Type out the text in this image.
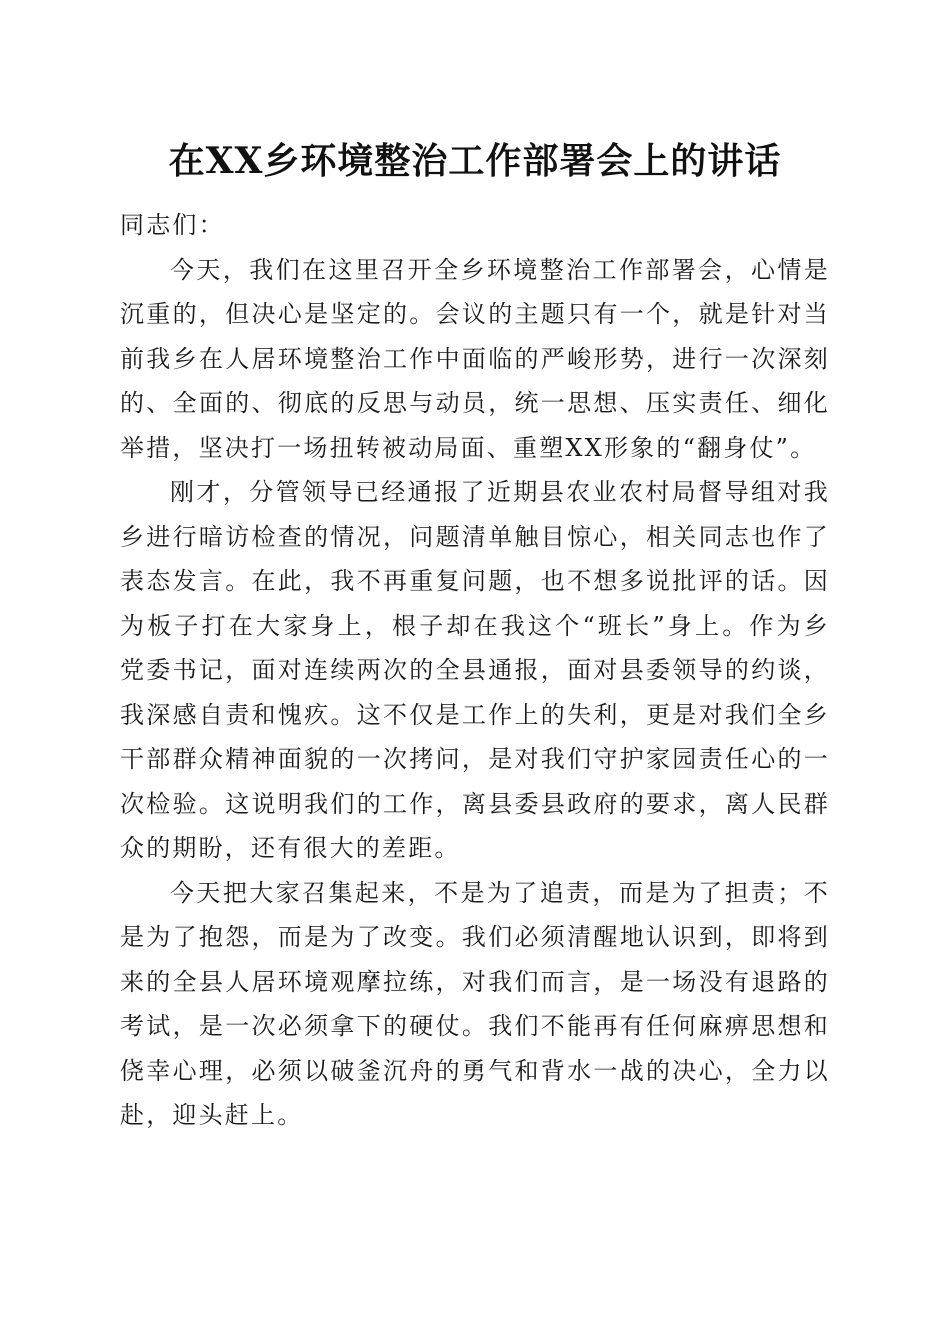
在XX乡环境整治工作部署会上的讲话

同志们：

今天，我们在这里召开全乡环境整治工作部署会，心情是沉重的，但决心是坚定的。会议的主题只有一个，就是针对当前我乡在人居环境整治工作中面临的严峻形势，进行一次深刻的、全面的、彻底的反思与动员，统一思想、压实责任、细化举措，坚决打一场扭转被动局面、重塑XX形象的“翻身仗”。

刚才，分管领导已经通报了近期县农业农村局督导组对我乡进行暗访检查的情况，问题清单触目惊心，相关同志也作了表态发言。在此，我不再重复问题，也不想多说批评的话。因为板子打在大家身上，根子却在我这个“班长”身上。作为乡党委书记，面对连续两次的全县通报，面对县委领导的约谈，我深感自责和愧疚。这不仅是工作上的失利，更是对我们全乡干部群众精神面貌的一次拷问，是对我们守护家园责任心的一次检验。这说明我们的工作，离县委县政府的要求，离人民群众的期盼，还有很大的差距。

今天把大家召集起来，不是为了追责，而是为了担责；不是为了抱怨，而是为了改变。我们必须清醒地认识到，即将到来的全县人居环境观摩拉练，对我们而言，是一场没有退路的考试，是一次必须拿下的硬仗。我们不能再有任何麻痹思想和侥幸心理，必须以破釜沉舟的勇气和背水一战的决心，全力以赴，迎头赶上。
